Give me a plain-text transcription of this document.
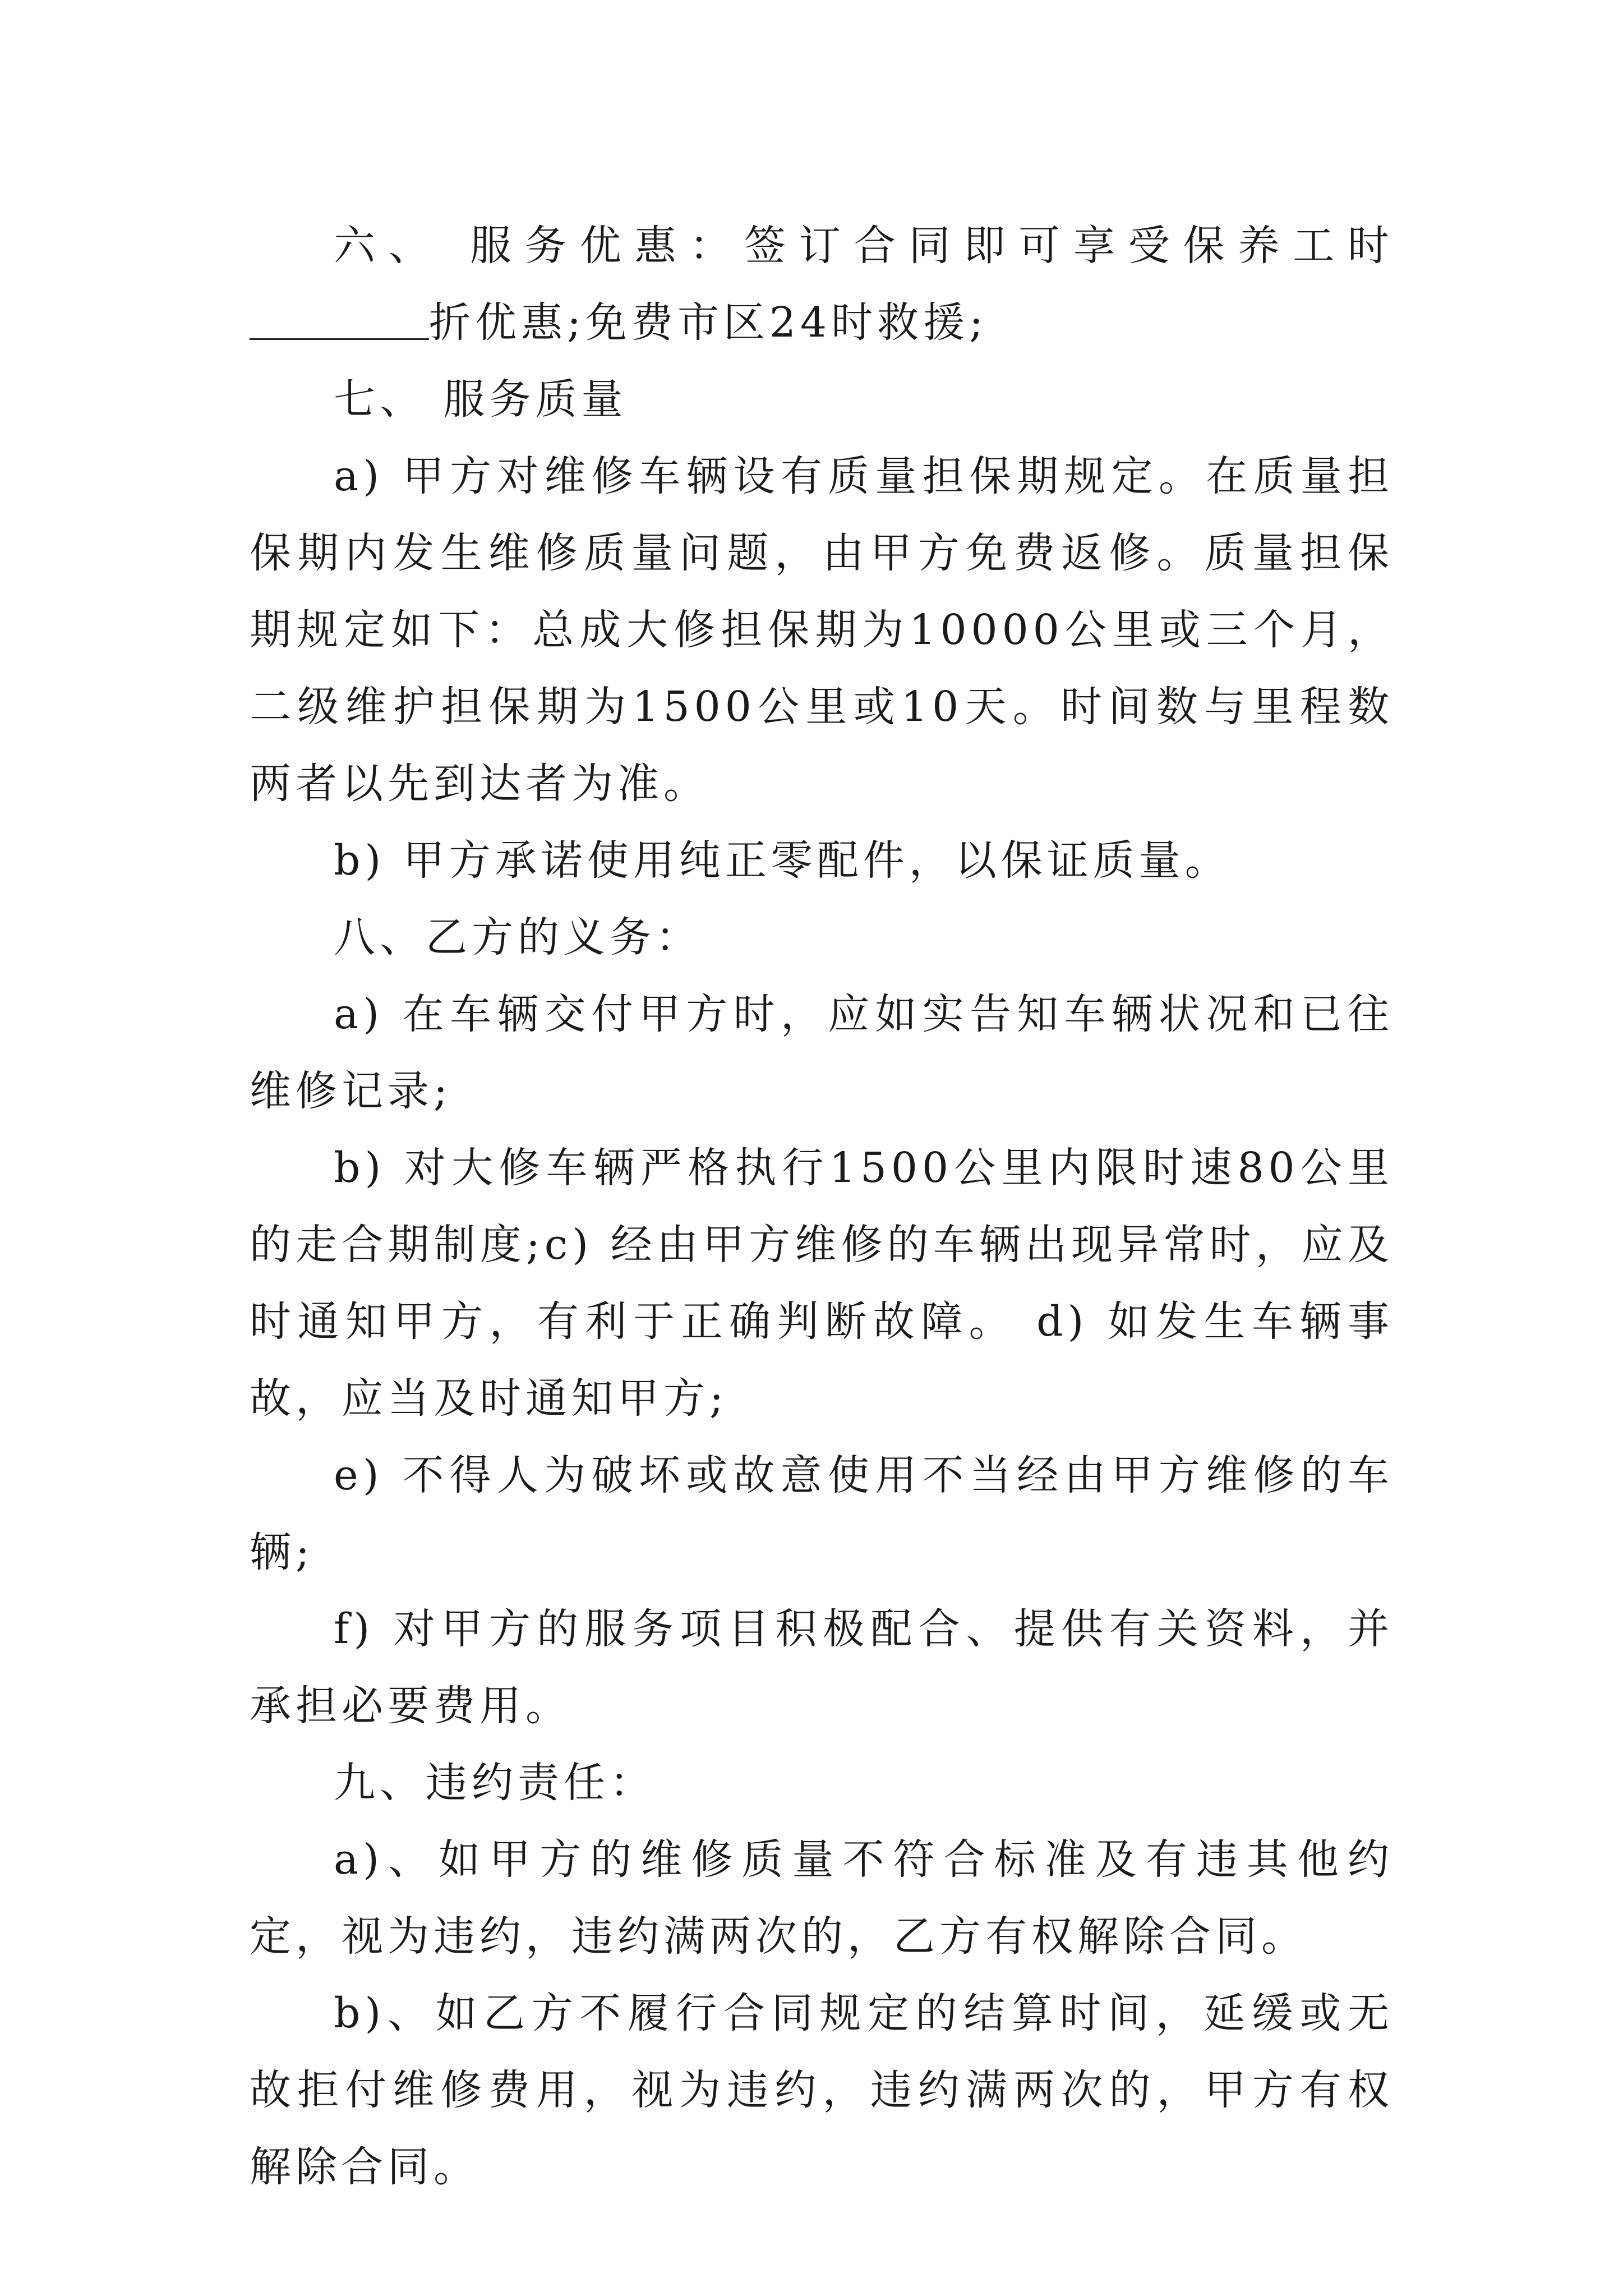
六、 服务优惠：签订合同即可享受保养工时折优惠;免费市区24时救援;

七、 服务质量

a) 甲方对维修车辆设有质量担保期规定。在质量担保期内发生维修质量问题，由甲方免费返修。质量担保期规定如下：总成大修担保期为10000公里或三个月，二级维护担保期为1500公里或10天。时间数与里程数两者以先到达者为准。

b) 甲方承诺使用纯正零配件，以保证质量。

八、乙方的义务：

a) 在车辆交付甲方时，应如实告知车辆状况和已往维修记录;

b) 对大修车辆严格执行1500公里内限时速80公里的走合期制度;c) 经由甲方维修的车辆出现异常时，应及时通知甲方，有利于正确判断故障。 d) 如发生车辆事故，应当及时通知甲方;

e) 不得人为破坏或故意使用不当经由甲方维修的车辆;

f) 对甲方的服务项目积极配合、提供有关资料，并承担必要费用。

九、违约责任：

a)、如甲方的维修质量不符合标准及有违其他约定，视为违约，违约满两次的，乙方有权解除合同。

b)、如乙方不履行合同规定的结算时间，延缓或无故拒付维修费用，视为违约，违约满两次的，甲方有权解除合同。
